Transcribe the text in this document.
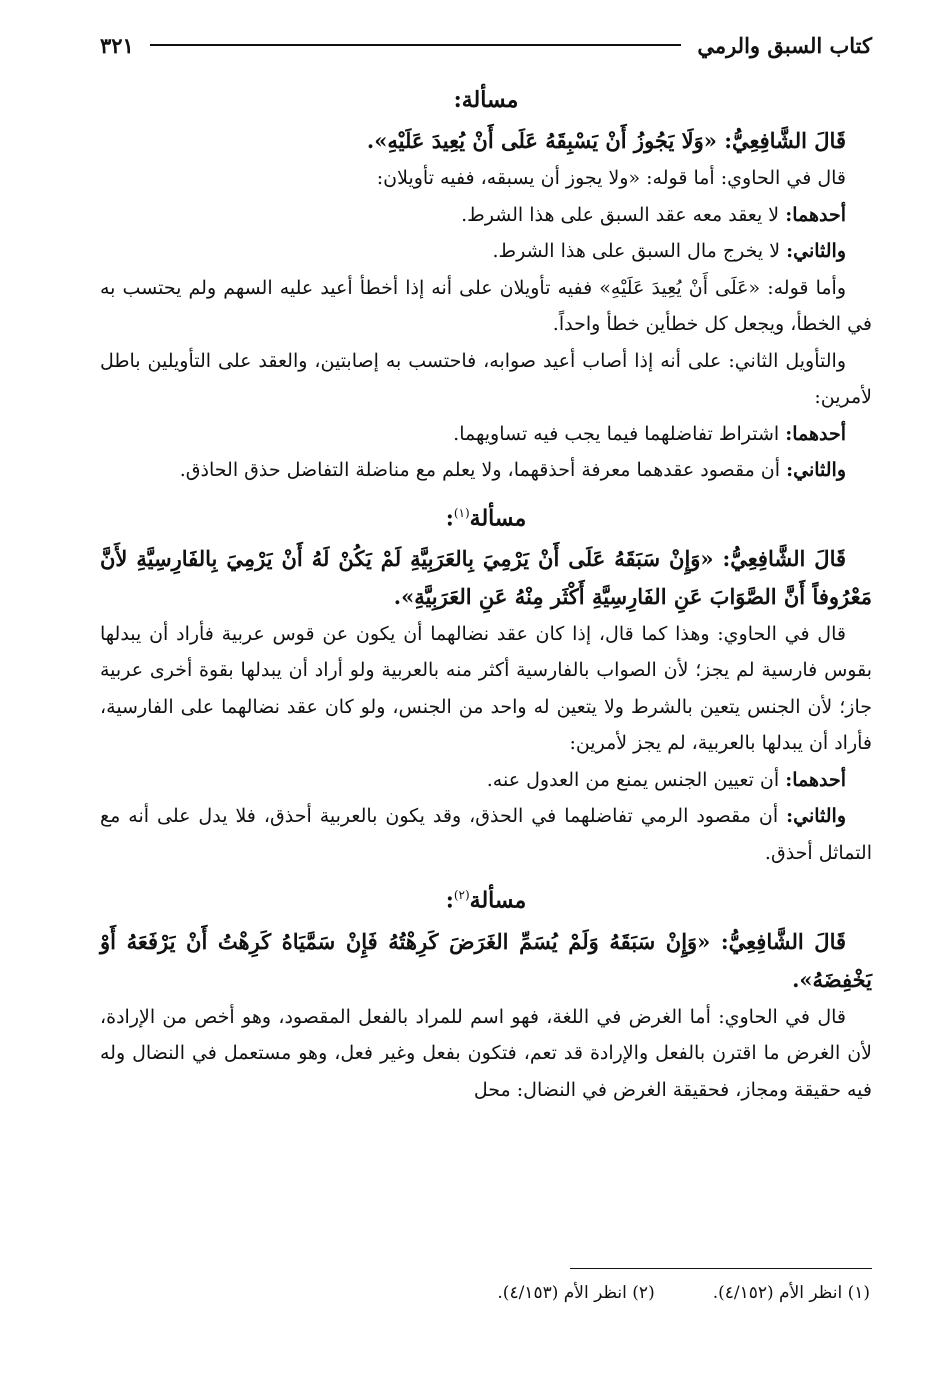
كتاب السبق والرمي
٣٢١

مسألة:

قَالَ الشَّافِعِيُّ: «وَلَا يَجُوزُ أَنْ يَسْبِقَهُ عَلَى أَنْ يُعِيدَ عَلَيْهِ».

قال في الحاوي: أما قوله: «ولا يجوز أن يسبقه، ففيه تأويلان:

أحدهما: لا يعقد معه عقد السبق على هذا الشرط.

والثاني: لا يخرج مال السبق على هذا الشرط.

وأما قوله: «عَلَى أَنْ يُعِيدَ عَلَيْهِ» ففيه تأويلان على أنه إذا أخطأ أعيد عليه السهم ولم يحتسب به في الخطأ، ويجعل كل خطأين خطأ واحداً.

والتأويل الثاني: على أنه إذا أصاب أعيد صوابه، فاحتسب به إصابتين، والعقد على التأويلين باطل لأمرين:

أحدهما: اشتراط تفاضلهما فيما يجب فيه تساويهما.

والثاني: أن مقصود عقدهما معرفة أحذقهما، ولا يعلم مع مناضلة التفاضل حذق الحاذق.

مسألة$^{(١)}$:

قَالَ الشَّافِعِيُّ: «وَإِنْ سَبَقَهُ عَلَى أَنْ يَرْمِيَ بِالعَرَبِيَّةِ لَمْ يَكُنْ لَهُ أَنْ يَرْمِيَ بِالفَارِسِيَّةِ لأَنَّ مَعْرُوفاً أَنَّ الصَّوَابَ عَنِ الفَارِسِيَّةِ أَكْثَر مِنْهُ عَنِ العَرَبِيَّةِ».

قال في الحاوي: وهذا كما قال، إذا كان عقد نضالهما أن يكون عن قوس عربية فأراد أن يبدلها بقوس فارسية لم يجز؛ لأن الصواب بالفارسية أكثر منه بالعربية ولو أراد أن يبدلها بقوة أخرى عربية جاز؛ لأن الجنس يتعين بالشرط ولا يتعين له واحد من الجنس، ولو كان عقد نضالهما على الفارسية، فأراد أن يبدلها بالعربية، لم يجز لأمرين:

أحدهما: أن تعيين الجنس يمنع من العدول عنه.

والثاني: أن مقصود الرمي تفاضلهما في الحذق، وقد يكون بالعربية أحذق، فلا يدل على أنه مع التماثل أحذق.

مسألة$^{(٢)}$:

قَالَ الشَّافِعِيُّ: «وَإِنْ سَبَقَهُ وَلَمْ يُسَمِّ الغَرَضَ كَرِهْتُهُ فَإِنْ سَمَّيَاهُ كَرِهْتُ أَنْ يَرْفَعَهُ أَوْ يَخْفِضَهُ».

قال في الحاوي: أما الغرض في اللغة، فهو اسم للمراد بالفعل المقصود، وهو أخص من الإرادة، لأن الغرض ما اقترن بالفعل والإرادة قد تعم، فتكون بفعل وغير فعل، وهو مستعمل في النضال وله فيه حقيقة ومجاز، فحقيقة الغرض في النضال: محل

(١) انظر الأم (٤/١٥٢).
(٢) انظر الأم (٤/١٥٣).
